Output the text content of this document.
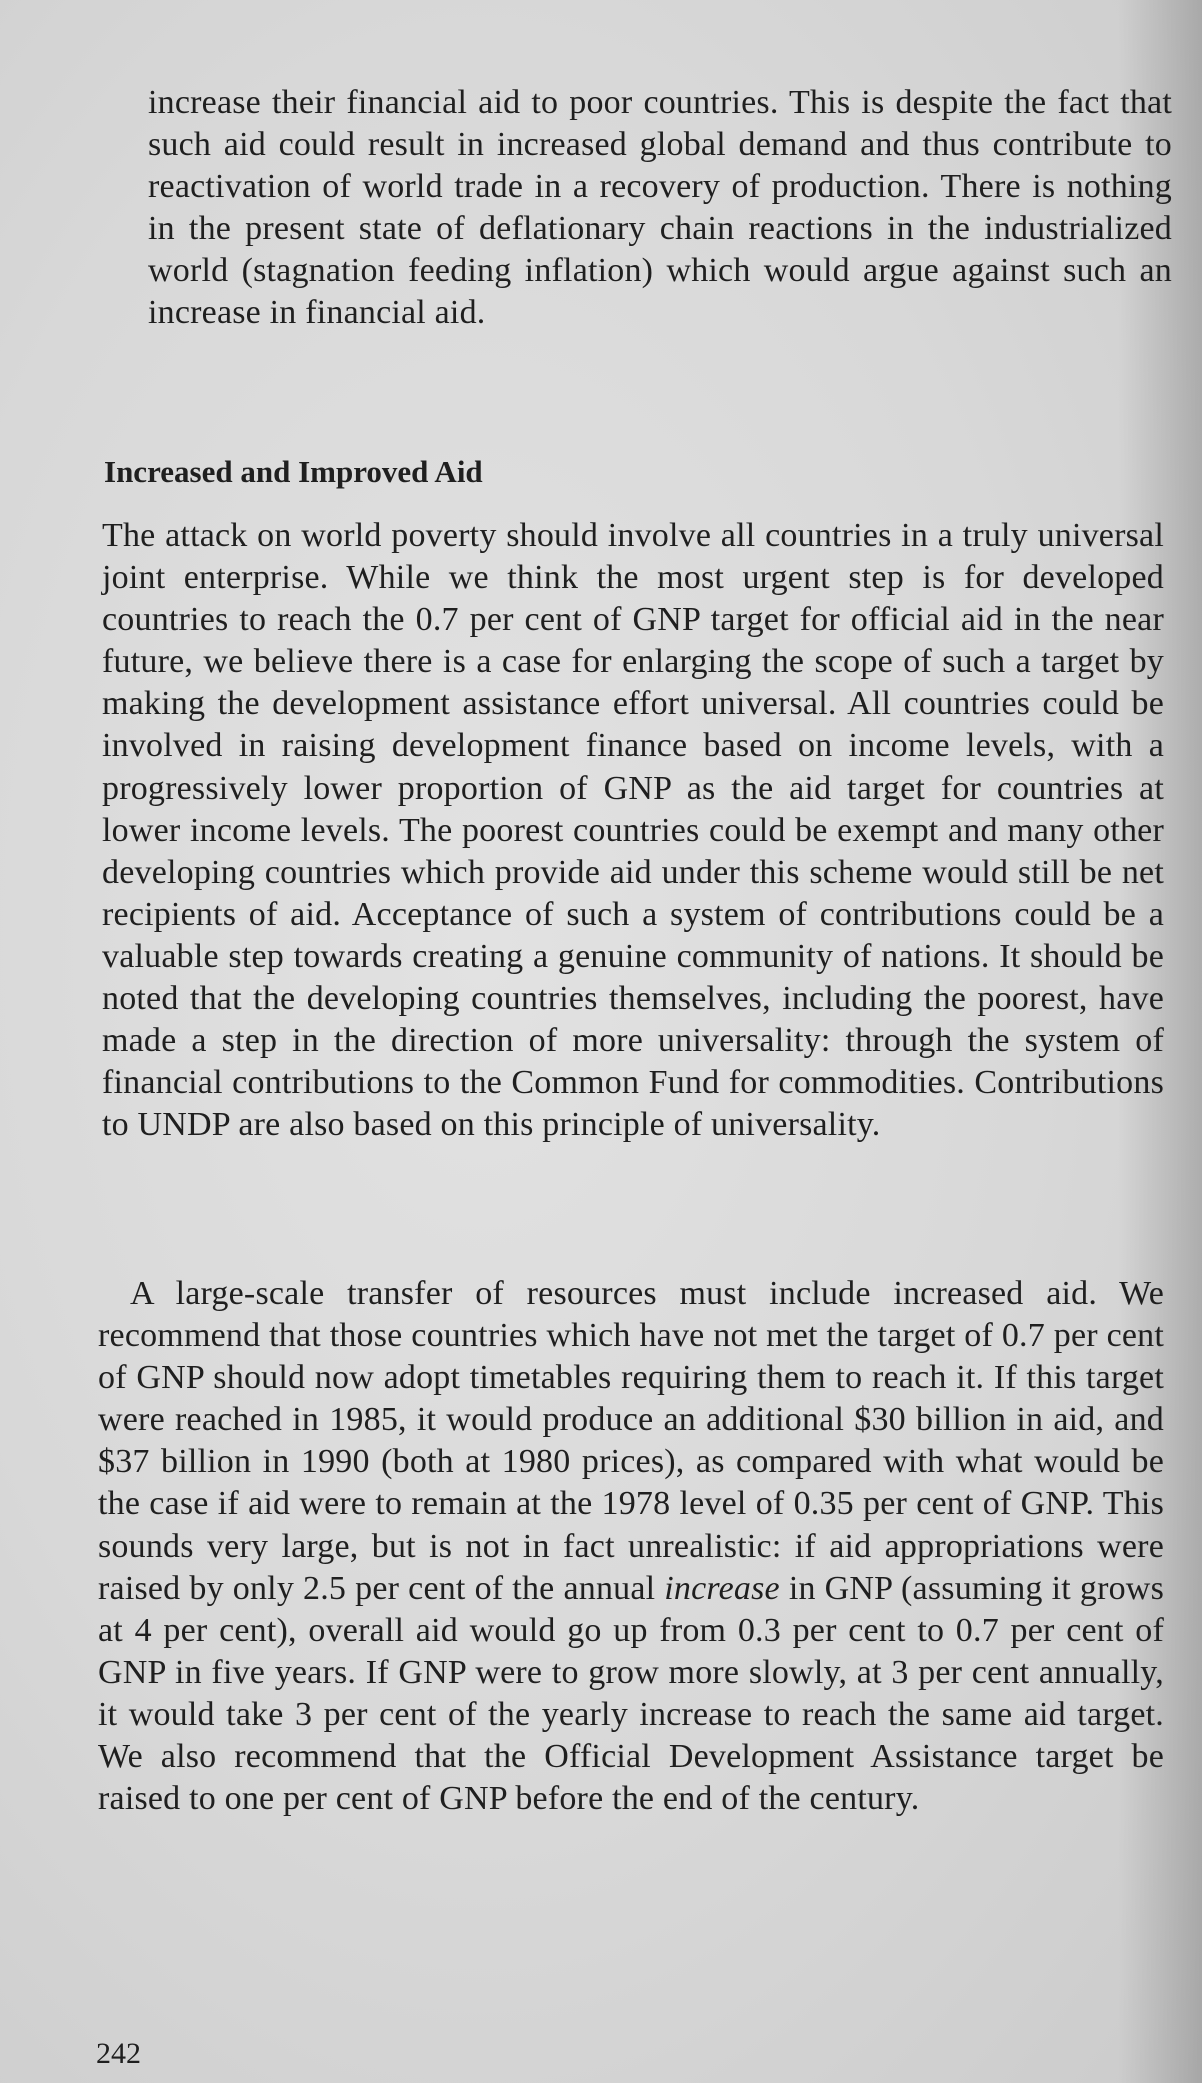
increase their financial aid to poor countries. This is despite the fact that such aid could result in increased global demand and thus contribute to reactivation of world trade in a recovery of production. There is nothing in the present state of deflationary chain reactions in the industrialized world (stagnation feeding inflation) which would argue against such an increase in financial aid.

Increased and Improved Aid

The attack on world poverty should involve all countries in a truly universal joint enterprise. While we think the most urgent step is for developed countries to reach the 0.7 per cent of GNP target for official aid in the near future, we believe there is a case for enlarging the scope of such a target by making the development assistance effort universal. All countries could be involved in raising development finance based on income levels, with a progressively lower proportion of GNP as the aid target for countries at lower income levels. The poorest countries could be exempt and many other developing countries which provide aid under this scheme would still be net recipients of aid. Acceptance of such a system of contributions could be a valuable step towards creating a genuine community of nations. It should be noted that the developing countries themselves, including the poorest, have made a step in the direction of more universality: through the system of financial contributions to the Common Fund for commodities. Contributions to UNDP are also based on this principle of universality.

A large-scale transfer of resources must include increased aid. We recommend that those countries which have not met the target of 0.7 per cent of GNP should now adopt timetables requiring them to reach it. If this target were reached in 1985, it would produce an additional $30 billion in aid, and $37 billion in 1990 (both at 1980 prices), as compared with what would be the case if aid were to remain at the 1978 level of 0.35 per cent of GNP. This sounds very large, but is not in fact unrealistic: if aid appropriations were raised by only 2.5 per cent of the annual increase in GNP (assuming it grows at 4 per cent), overall aid would go up from 0.3 per cent to 0.7 per cent of GNP in five years. If GNP were to grow more slowly, at 3 per cent annually, it would take 3 per cent of the yearly increase to reach the same aid target. We also recommend that the Official Development Assistance target be raised to one per cent of GNP before the end of the century.

242
